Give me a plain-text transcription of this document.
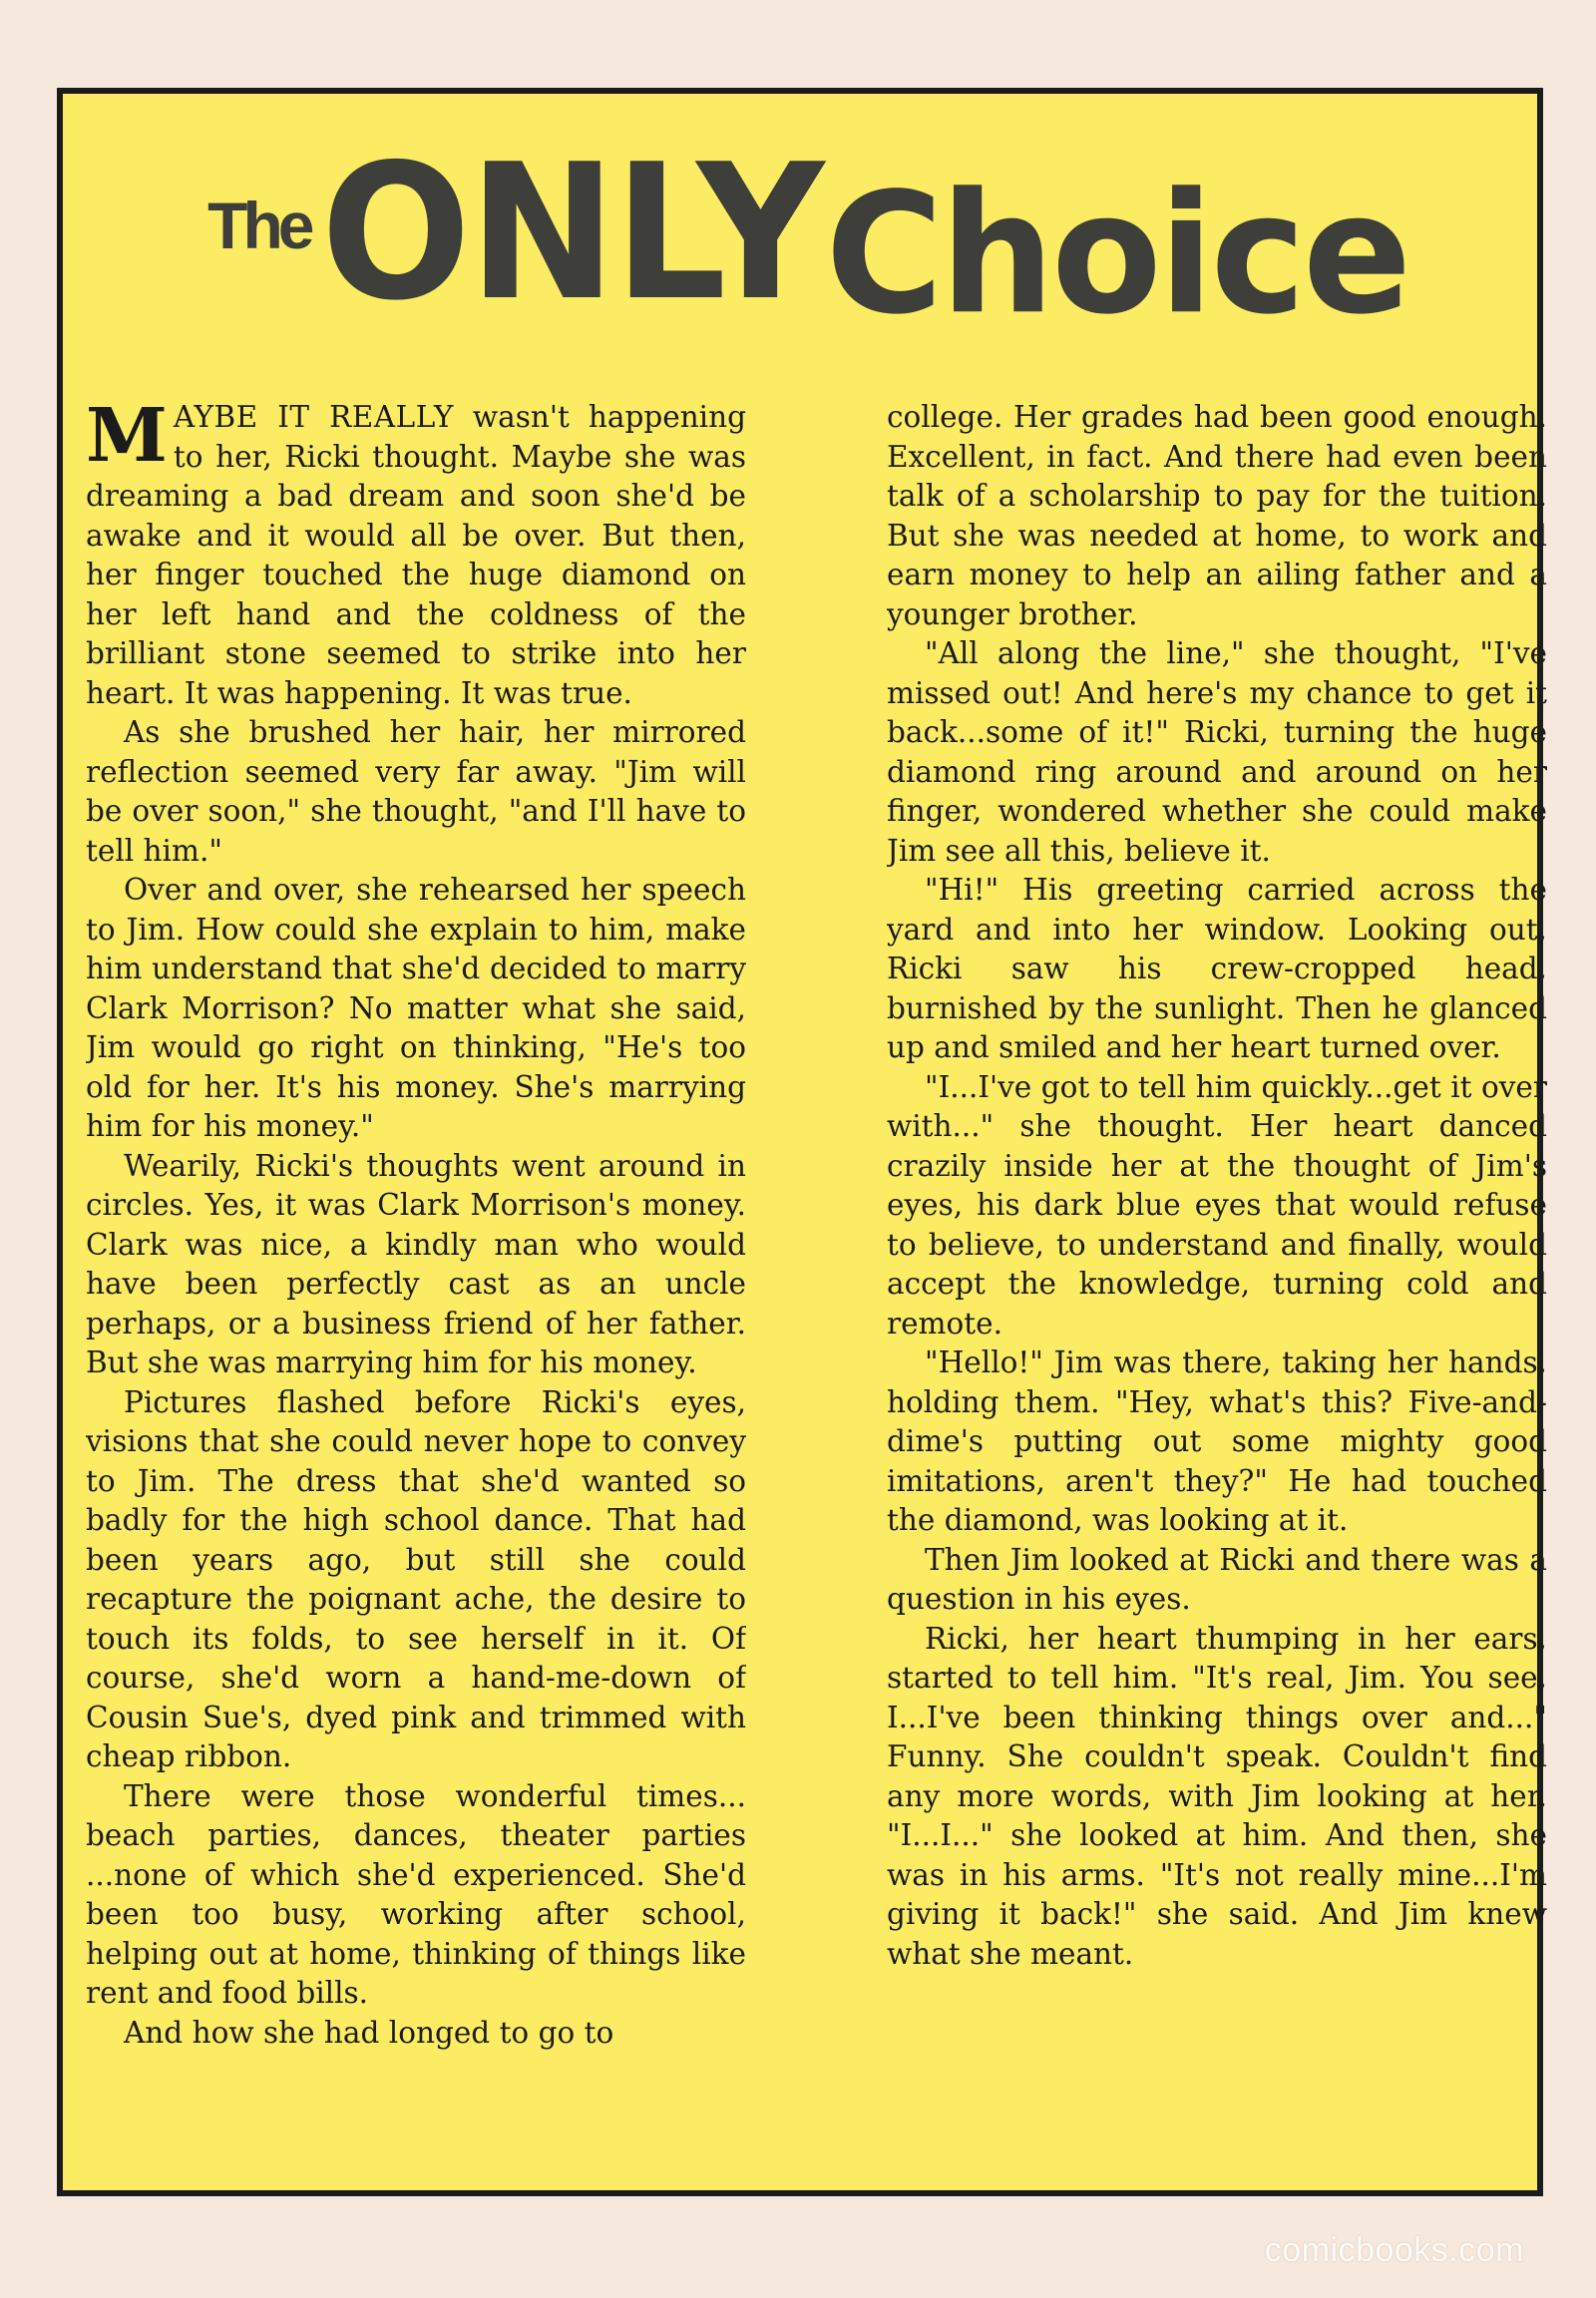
TheONLYChoice

MAYBE IT REALLY wasn't happening to her, Ricki thought. Maybe she was dreaming a bad dream and soon she'd be awake and it would all be over. But then, her finger touched the huge diamond on her left hand and the coldness of the brilliant stone seemed to strike into her heart. It was happening. It was true.

As she brushed her hair, her mirrored reflection seemed very far away. "Jim will be over soon," she thought, "and I'll have to tell him."

Over and over, she rehearsed her speech to Jim. How could she explain to him, make him understand that she'd decided to marry Clark Morrison? No matter what she said, Jim would go right on thinking, "He's too old for her. It's his money. She's marrying him for his money."

Wearily, Ricki's thoughts went around in circles. Yes, it was Clark Morrison's money. Clark was nice, a kindly man who would have been perfectly cast as an uncle perhaps, or a business friend of her father. But she was marrying him for his money.

Pictures flashed before Ricki's eyes, visions that she could never hope to convey to Jim. The dress that she'd wanted so badly for the high school dance. That had been years ago, but still she could recapture the poignant ache, the desire to touch its folds, to see herself in it. Of course, she'd worn a hand-me-down of Cousin Sue's, dyed pink and trimmed with cheap ribbon.

There were those wonderful times... beach parties, dances, theater parties ...none of which she'd experienced. She'd been too busy, working after school, helping out at home, thinking of things like rent and food bills.

And how she had longed to go to

college. Her grades had been good enough. Excellent, in fact. And there had even been talk of a scholarship to pay for the tuition. But she was needed at home, to work and earn money to help an ailing father and a younger brother.

"All along the line," she thought, "I've missed out! And here's my chance to get it back...some of it!" Ricki, turning the huge diamond ring around and around on her finger, wondered whether she could make Jim see all this, believe it.

"Hi!" His greeting carried across the yard and into her window. Looking out, Ricki saw his crew-cropped head, burnished by the sunlight. Then he glanced up and smiled and her heart turned over.

"I...I've got to tell him quickly...get it over with..." she thought. Her heart danced crazily inside her at the thought of Jim's eyes, his dark blue eyes that would refuse to believe, to understand and finally, would accept the knowledge, turning cold and remote.

"Hello!" Jim was there, taking her hands, holding them. "Hey, what's this? Five-and-dime's putting out some mighty good imitations, aren't they?" He had touched the diamond, was looking at it.

Then Jim looked at Ricki and there was a question in his eyes.

Ricki, her heart thumping in her ears, started to tell him. "It's real, Jim. You see, I...I've been thinking things over and..." Funny. She couldn't speak. Couldn't find any more words, with Jim looking at her. "I...I..." she looked at him. And then, she was in his arms. "It's not really mine...I'm giving it back!" she said. And Jim knew what she meant.

comicbooks.com
